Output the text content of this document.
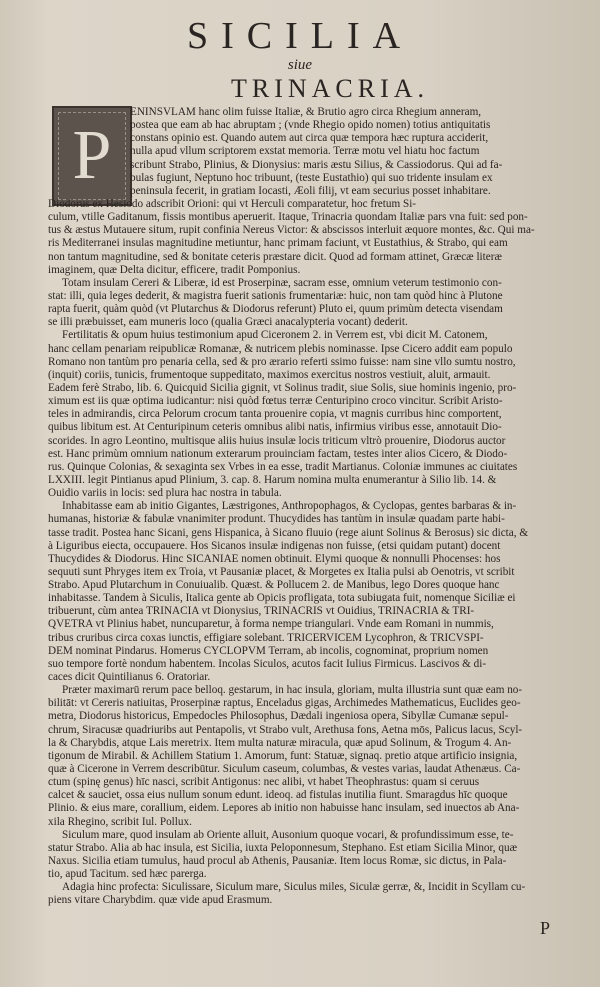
SICILIA
siue
TRINACRIA.
P
ENINSVLAM hanc olim fuisse Italiæ, & Brutio agro circa Rhegium anneram,
postea que eam ab hac abruptam ; (vnde Rhegio opido nomen) totius antiquitatis
constans opinio est. Quando autem aut circa quæ tempora hæc ruptura acciderit,
nulla apud vllum scriptorem exstat memoria. Terræ motu vel hiatu hoc factum
scribunt Strabo, Plinius, & Dionysius: maris æstu Silius, & Cassiodorus. Qui ad fa-
bulas fugiunt, Neptuno hoc tribuunt, (teste Eustathio) qui suo tridente insulam ex
peninsula fecerit, in gratiam Iocasti, Æoli filij, vt eam securius posset inhabitare.
Diodorus ex Hesiodo adscribit Orioni: qui vt Herculi comparatetur, hoc fretum Si-
culum, vtille Gaditanum, fissis montibus aperuerit. Itaque, Trinacria quondam Italiæ pars vna fuit: sed pon-
tus & æstus Mutauere situm, rupit confinia Nereus Victor: & abscissos interluit æquore montes, &c. Qui ma-
ris Mediterranei insulas magnitudine metiuntur, hanc primam faciunt, vt Eustathius, & Strabo, qui eam
non tantum magnitudine, sed & bonitate ceteris præstare dicit. Quod ad formam attinet, Græcæ literæ
imaginem, quæ Delta dicitur, efficere, tradit Pomponius.
Totam insulam Cereri & Liberæ, id est Proserpinæ, sacram esse, omnium veterum testimonio con-
stat: illi, quia leges dederit, & magistra fuerit sationis frumentariæ: huic, non tam quòd hinc à Plutone
rapta fuerit, quàm quòd (vt Plutarchus & Diodorus referunt) Pluto ei, quum primùm detecta visendam
se illi præbuisset, eam muneris loco (qualia Græci anacalypteria vocant) dederit.
Fertilitatis & opum huius testimonium apud Ciceronem 2. in Verrem est, vbi dicit M. Catonem,
hanc cellam penariam reipublicæ Romanæ, & nutricem plebis nominasse. Ipse Cicero addit eam populo
Romano non tantùm pro penaria cella, sed & pro ærario referti ssimo fuisse: nam sine vllo sumtu nostro,
(inquit) coriis, tunicis, frumentoque suppeditato, maximos exercitus nostros vestiuit, aluit, armauit.
Eadem ferè Strabo, lib. 6. Quicquid Sicilia gignit, vt Solinus tradit, siue Solis, siue hominis ingenio, pro-
ximum est iis quæ optima iudicantur: nisi quòd fœtus terræ Centuripino croco vincitur. Scribit Aristo-
teles in admirandis, circa Pelorum crocum tanta prouenire copia, vt magnis curribus hinc comportent,
quibus libitum est. At Centuripinum ceteris omnibus alibi natis, infirmius viribus esse, annotauit Dio-
scorides. In agro Leontino, multisque aliis huius insulæ locis triticum vltrò prouenire, Diodorus auctor
est. Hanc primùm omnium nationum exterarum prouinciam factam, testes inter alios Cicero, & Diodo-
rus. Quinque Colonias, & sexaginta sex Vrbes in ea esse, tradit Martianus. Coloniæ immunes ac ciuitates
LXXIII. legit Pintianus apud Plinium, 3. cap. 8. Harum nomina multa enumerantur à Silio lib. 14. &
Ouidio variis in locis: sed plura hac nostra in tabula.
Inhabitasse eam ab initio Gigantes, Læstrigones, Anthropophagos, & Cyclopas, gentes barbaras & in-
humanas, historiæ & fabulæ vnanimiter produnt. Thucydides has tantùm in insulæ quadam parte habi-
tasse tradit. Postea hanc Sicani, gens Hispanica, à Sicano fluuio (rege aiunt Solinus & Berosus) sic dicta, &
à Liguribus eiecta, occupauere. Hos Sicanos insulæ indigenas non fuisse, (etsi quidam putant) docent
Thucydides & Diodorus. Hinc SICANIAE nomen obtinuit. Elymi quoque & nonnulli Phocenses: hos
sequuti sunt Phryges item ex Troia, vt Pausaniæ placet, & Morgetes ex Italia pulsi ab Oenotris, vt scribit
Strabo. Apud Plutarchum in Conuiualib. Quæst. & Pollucem 2. de Manibus, lego Dores quoque hanc
inhabitasse. Tandem à Siculis, Italica gente ab Opicis profligata, tota subiugata fuit, nomenque Siciliæ ei
tribuerunt, cùm antea TRINACIA vt Dionysius, TRINACRIS vt Ouidius, TRINACRIA & TRI-
QVETRA vt Plinius habet, nuncuparetur, à forma nempe triangulari. Vnde eam Romani in nummis,
tribus cruribus circa coxas iunctis, effigiare solebant. TRICERVICEM Lycophron, & TRICVSPI-
DEM nominat Pindarus. Homerus CYCLOPVM Terram, ab incolis, cognominat, proprium nomen
suo tempore fortè nondum habentem. Incolas Siculos, acutos facit Iulius Firmicus. Lascivos & di-
caces dicit Quintilianus 6. Oratoriar.
Præter maximarū rerum pace belloq. gestarum, in hac insula, gloriam, multa illustria sunt quæ eam no-
bilitāt: vt Cereris natiuitas, Proserpinæ raptus, Enceladus gigas, Archimedes Mathematicus, Euclides geo-
metra, Diodorus historicus, Empedocles Philosophus, Dædali ingeniosa opera, Sibyllæ Cumanæ sepul-
chrum, Siracusæ quadriuribs aut Pentapolis, vt Strabo vult, Arethusa fons, Aetna mōs, Palicus lacus, Scyl-
la & Charybdis, atque Lais meretrix. Item multa naturæ miracula, quæ apud Solinum, & Trogum 4. An-
tigonum de Mirabil. & Achillem Statium 1. Amorum, funt: Statuæ, signaq. pretio atque artificio insignia,
quæ à Cicerone in Verrem describūtur. Siculum caseum, columbas, & vestes varias, laudat Athenæus. Ca-
ctum (spinę genus) hīc nasci, scribit Antigonus: nec alibi, vt habet Theophrastus: quam si ceruus
calcet & sauciet, ossa eius nullum sonum edunt. ideoq. ad fistulas inutilia fiunt. Smaragdus hīc quoque
Plinio. & eius mare, corallium, eidem. Lepores ab initio non habuisse hanc insulam, sed inuectos ab Ana-
xila Rhegino, scribit Iul. Pollux.
Siculum mare, quod insulam ab Oriente alluit, Ausonium quoque vocari, & profundissimum esse, te-
statur Strabo. Alia ab hac insula, est Sicilia, iuxta Peloponnesum, Stephano. Est etiam Sicilia Minor, quæ
Naxus. Sicilia etiam tumulus, haud procul ab Athenis, Pausaniæ. Item locus Romæ, sic dictus, in Pala-
tio, apud Tacitum. sed hæc parerga.
Adagia hinc profecta: Siculissare, Siculum mare, Siculus miles, Siculæ gerræ, &, Incidit in Scyllam cu-
piens vitare Charybdim. quæ vide apud Erasmum.
P
